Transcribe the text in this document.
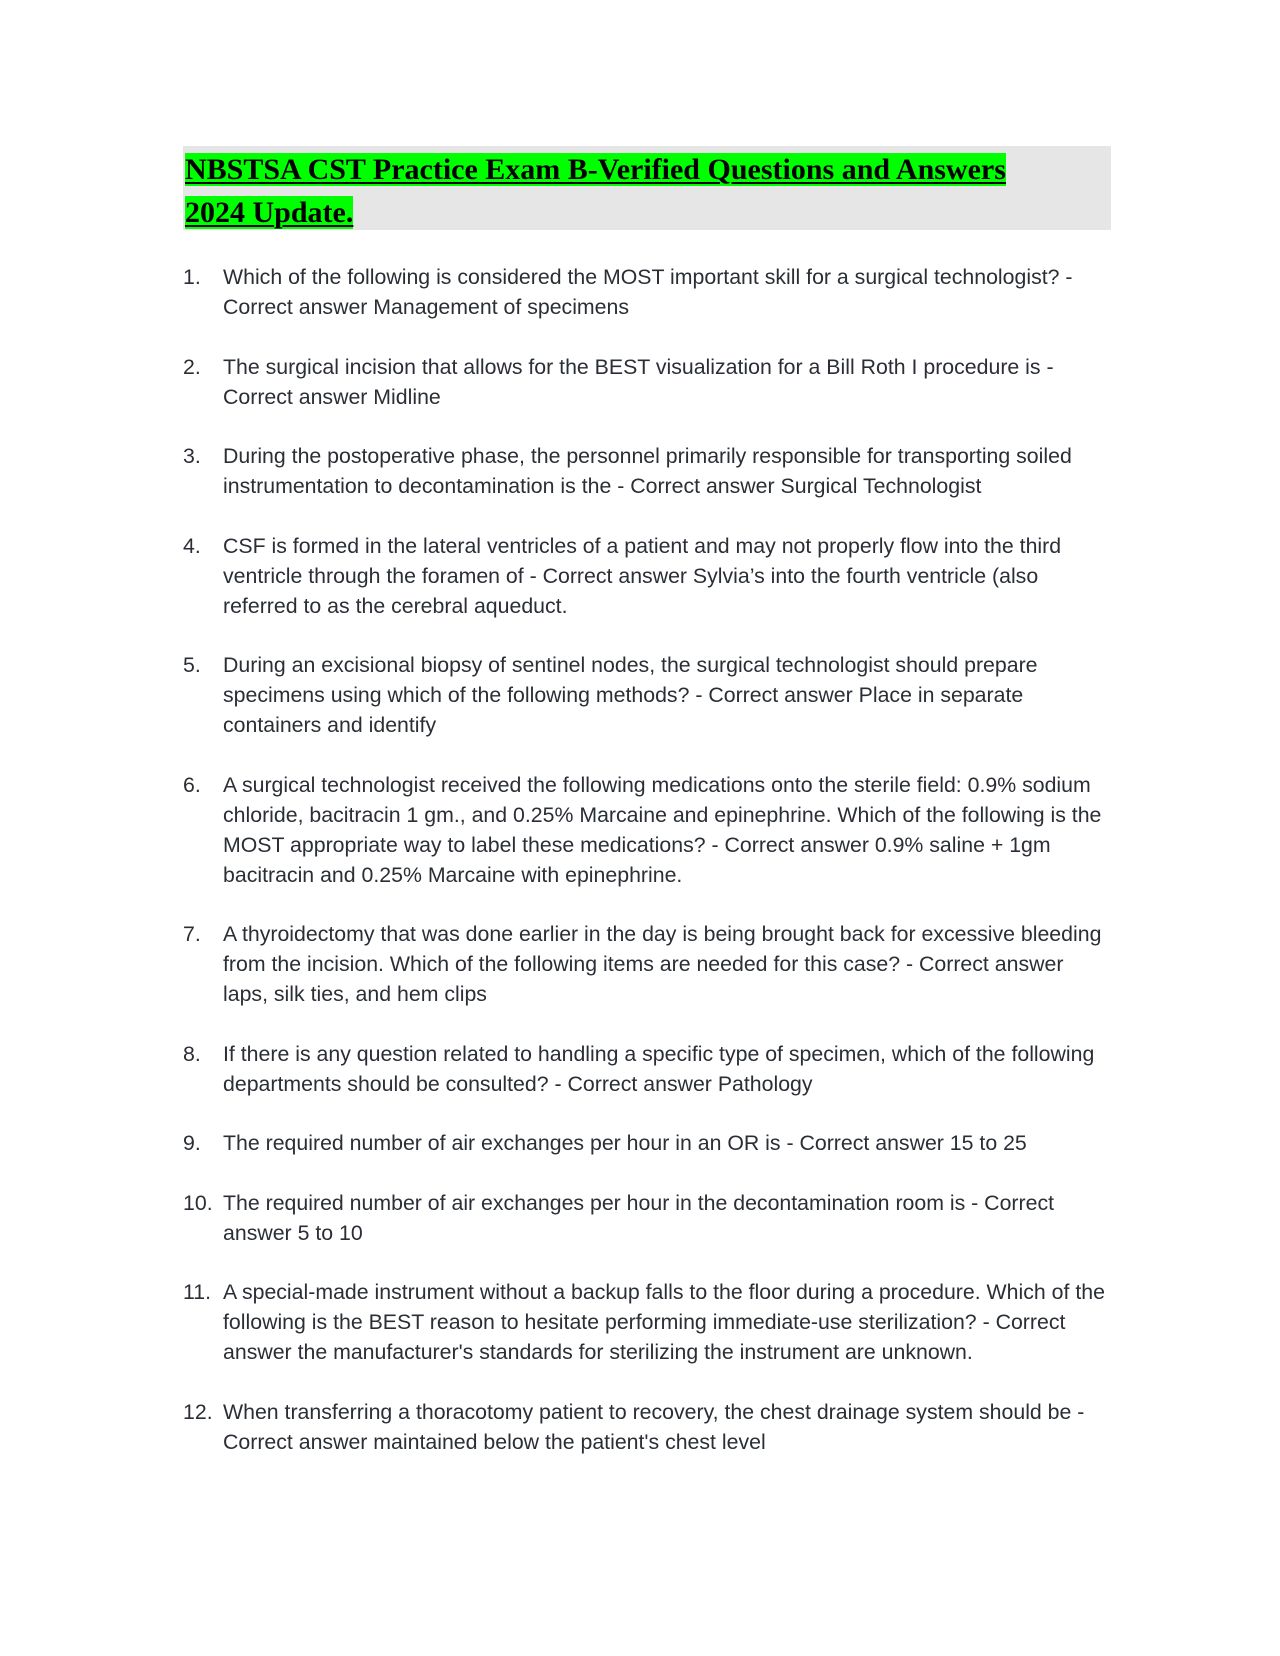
NBSTSA CST Practice Exam B-Verified Questions and Answers
2024 Update.
1. Which of the following is considered the MOST important skill for a surgical technologist? - Correct answer Management of specimens
2. The surgical incision that allows for the BEST visualization for a Bill Roth I procedure is - Correct answer Midline
3. During the postoperative phase, the personnel primarily responsible for transporting soiled instrumentation to decontamination is the - Correct answer Surgical Technologist
4. CSF is formed in the lateral ventricles of a patient and may not properly flow into the third ventricle through the foramen of - Correct answer Sylvia’s into the fourth ventricle (also referred to as the cerebral aqueduct.
5. During an excisional biopsy of sentinel nodes, the surgical technologist should prepare specimens using which of the following methods? - Correct answer Place in separate containers and identify
6. A surgical technologist received the following medications onto the sterile field: 0.9% sodium chloride, bacitracin 1 gm., and 0.25% Marcaine and epinephrine. Which of the following is the MOST appropriate way to label these medications? - Correct answer 0.9% saline + 1gm bacitracin and 0.25% Marcaine with epinephrine.
7. A thyroidectomy that was done earlier in the day is being brought back for excessive bleeding from the incision. Which of the following items are needed for this case? - Correct answer laps, silk ties, and hem clips
8. If there is any question related to handling a specific type of specimen, which of the following departments should be consulted? - Correct answer Pathology
9. The required number of air exchanges per hour in an OR is - Correct answer 15 to 25
10. The required number of air exchanges per hour in the decontamination room is - Correct answer 5 to 10
11. A special-made instrument without a backup falls to the floor during a procedure. Which of the following is the BEST reason to hesitate performing immediate-use sterilization? - Correct answer the manufacturer's standards for sterilizing the instrument are unknown.
12. When transferring a thoracotomy patient to recovery, the chest drainage system should be - Correct answer maintained below the patient's chest level
